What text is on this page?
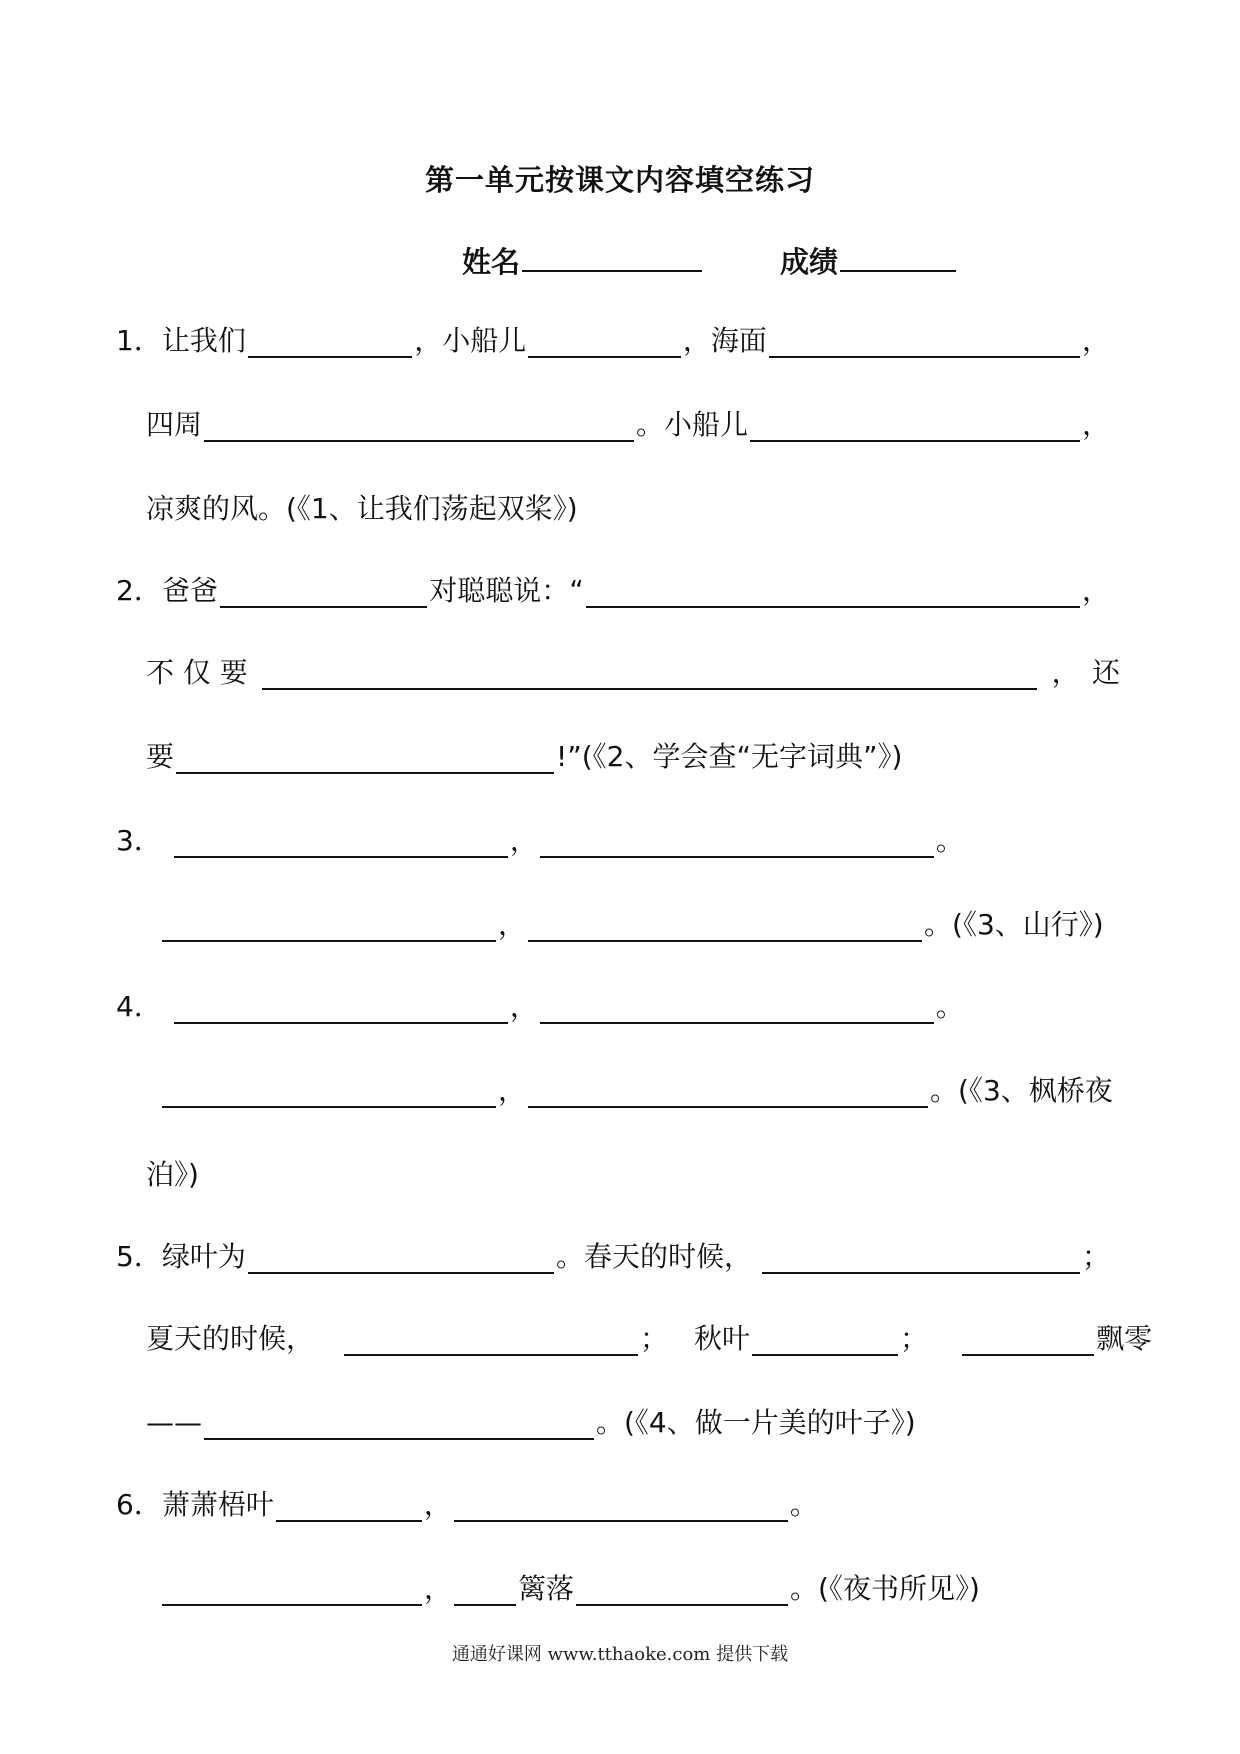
第一单元按课文内容填空练习
姓名	成绩
1． 让我们	，小船儿	，海面	，
四周	。小船儿	，
凉爽的风。(《1、让我们荡起双桨》)
2． 爸爸	对聪聪说：“	，
不 仅 要	， 还
要	!”(《2、学会查“无字词典”》)
3．	，	。
，	。(《3、山行》)
4．	，	。
，	。(《3、枫桥夜
泊》)
5． 绿叶为	。春天的时候，	；
夏天的时候，	； 秋叶	；	飘零
——	。(《4、做一片美的叶子》)
6． 萧萧梧叶	，	。
， 篱落	。(《夜书所见》)
通通好课网 www.tthaoke.com 提供下载
